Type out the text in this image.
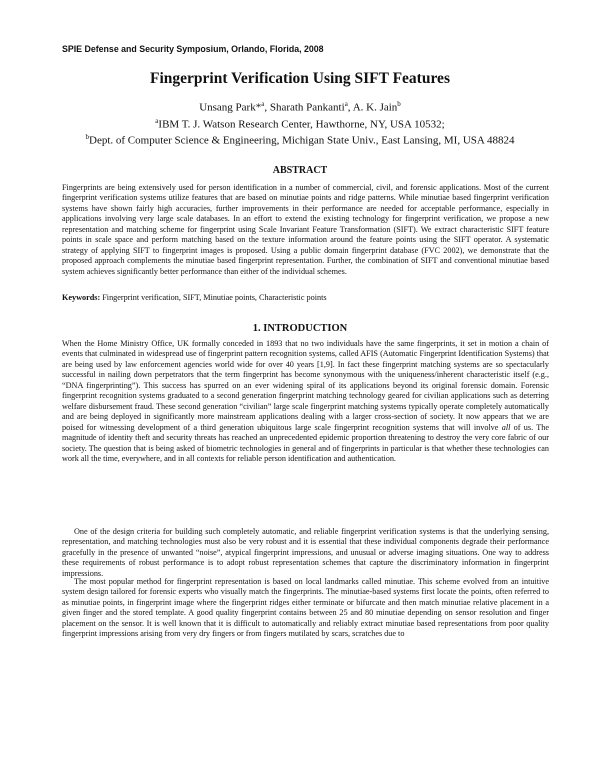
SPIE Defense and Security Symposium, Orlando, Florida, 2008
Fingerprint Verification Using SIFT Features
Unsang Park*$^a$, Sharath Pankanti$^a$, A. K. Jain$^b$
$^a$IBM T. J. Watson Research Center, Hawthorne, NY, USA 10532;
$^b$Dept. of Computer Science & Engineering, Michigan State Univ., East Lansing, MI, USA 48824
ABSTRACT
Fingerprints are being extensively used for person identification in a number of commercial, civil, and forensic applications. Most of the current fingerprint verification systems utilize features that are based on minutiae points and ridge patterns. While minutiae based fingerprint verification systems have shown fairly high accuracies, further improvements in their performance are needed for acceptable performance, especially in applications involving very large scale databases. In an effort to extend the existing technology for fingerprint verification, we propose a new representation and matching scheme for fingerprint using Scale Invariant Feature Transformation (SIFT). We extract characteristic SIFT feature points in scale space and perform matching based on the texture information around the feature points using the SIFT operator. A systematic strategy of applying SIFT to fingerprint images is proposed. Using a public domain fingerprint database (FVC 2002), we demonstrate that the proposed approach complements the minutiae based fingerprint representation. Further, the combination of SIFT and conventional minutiae based system achieves significantly better performance than either of the individual schemes.
Keywords: Fingerprint verification, SIFT, Minutiae points, Characteristic points
1. INTRODUCTION
When the Home Ministry Office, UK formally conceded in 1893 that no two individuals have the same fingerprints, it set in motion a chain of events that culminated in widespread use of fingerprint pattern recognition systems, called AFIS (Automatic Fingerprint Identification Systems) that are being used by law enforcement agencies world wide for over 40 years [1,9]. In fact these fingerprint matching systems are so spectacularly successful in nailing down perpetrators that the term fingerprint has become synonymous with the uniqueness/inherent characteristic itself (e.g., “DNA fingerprinting”). This success has spurred on an ever widening spiral of its applications beyond its original forensic domain. Forensic fingerprint recognition systems graduated to a second generation fingerprint matching technology geared for civilian applications such as deterring welfare disbursement fraud. These second generation “civilian” large scale fingerprint matching systems typically operate completely automatically and are being deployed in significantly more mainstream applications dealing with a larger cross-section of society. It now appears that we are poised for witnessing development of a third generation ubiquitous large scale fingerprint recognition systems that will involve all of us. The magnitude of identity theft and security threats has reached an unprecedented epidemic proportion threatening to destroy the very core fabric of our society. The question that is being asked of biometric technologies in general and of fingerprints in particular is that whether these technologies can work all the time, everywhere, and in all contexts for reliable person identification and authentication.
One of the design criteria for building such completely automatic, and reliable fingerprint verification systems is that the underlying sensing, representation, and matching technologies must also be very robust and it is essential that these individual components degrade their performance gracefully in the presence of unwanted “noise”, atypical fingerprint impressions, and unusual or adverse imaging situations. One way to address these requirements of robust performance is to adopt robust representation schemes that capture the discriminatory information in fingerprint impressions.
The most popular method for fingerprint representation is based on local landmarks called minutiae. This scheme evolved from an intuitive system design tailored for forensic experts who visually match the fingerprints. The minutiae-based systems first locate the points, often referred to as minutiae points, in fingerprint image where the fingerprint ridges either terminate or bifurcate and then match minutiae relative placement in a given finger and the stored template. A good quality fingerprint contains between 25 and 80 minutiae depending on sensor resolution and finger placement on the sensor. It is well known that it is difficult to automatically and reliably extract minutiae based representations from poor quality fingerprint impressions arising from very dry fingers or from fingers mutilated by scars, scratches due to
